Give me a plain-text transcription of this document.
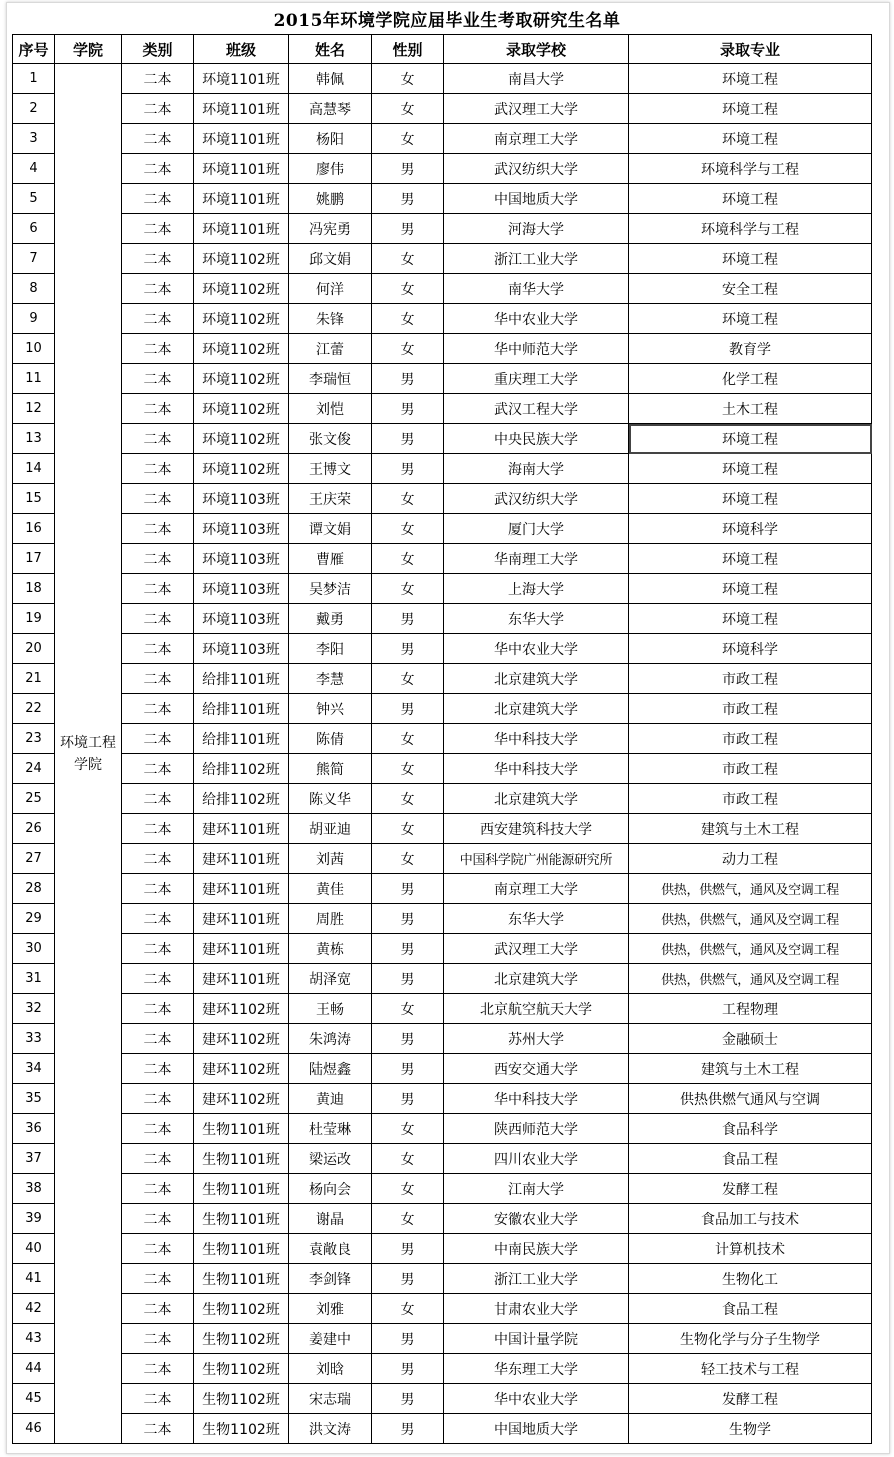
2015年环境学院应届毕业生考取研究生名单
序号	学院	类别	班级	姓名	性别	录取学校	录取专业
1	环境工程学院	二本	环境1101班	韩佩	女	南昌大学	环境工程
2		二本	环境1101班	高慧琴	女	武汉理工大学	环境工程
3		二本	环境1101班	杨阳	女	南京理工大学	环境工程
4		二本	环境1101班	廖伟	男	武汉纺织大学	环境科学与工程
5		二本	环境1101班	姚鹏	男	中国地质大学	环境工程
6		二本	环境1101班	冯宪勇	男	河海大学	环境科学与工程
7		二本	环境1102班	邱文娟	女	浙江工业大学	环境工程
8		二本	环境1102班	何洋	女	南华大学	安全工程
9		二本	环境1102班	朱锋	女	华中农业大学	环境工程
10		二本	环境1102班	江蕾	女	华中师范大学	教育学
11		二本	环境1102班	李瑞恒	男	重庆理工大学	化学工程
12		二本	环境1102班	刘恺	男	武汉工程大学	土木工程
13		二本	环境1102班	张文俊	男	中央民族大学	环境工程
14		二本	环境1102班	王博文	男	海南大学	环境工程
15		二本	环境1103班	王庆荣	女	武汉纺织大学	环境工程
16		二本	环境1103班	谭文娟	女	厦门大学	环境科学
17		二本	环境1103班	曹雁	女	华南理工大学	环境工程
18		二本	环境1103班	吴梦洁	女	上海大学	环境工程
19		二本	环境1103班	戴勇	男	东华大学	环境工程
20		二本	环境1103班	李阳	男	华中农业大学	环境科学
21		二本	给排1101班	李慧	女	北京建筑大学	市政工程
22		二本	给排1101班	钟兴	男	北京建筑大学	市政工程
23		二本	给排1101班	陈倩	女	华中科技大学	市政工程
24		二本	给排1102班	熊简	女	华中科技大学	市政工程
25		二本	给排1102班	陈义华	女	北京建筑大学	市政工程
26		二本	建环1101班	胡亚迪	女	西安建筑科技大学	建筑与土木工程
27		二本	建环1101班	刘茜	女	中国科学院广州能源研究所	动力工程
28		二本	建环1101班	黄佳	男	南京理工大学	供热，供燃气，通风及空调工程
29		二本	建环1101班	周胜	男	东华大学	供热，供燃气，通风及空调工程
30		二本	建环1101班	黄栋	男	武汉理工大学	供热，供燃气，通风及空调工程
31		二本	建环1101班	胡泽宽	男	北京建筑大学	供热，供燃气，通风及空调工程
32		二本	建环1102班	王畅	女	北京航空航天大学	工程物理
33		二本	建环1102班	朱鸿涛	男	苏州大学	金融硕士
34		二本	建环1102班	陆煜鑫	男	西安交通大学	建筑与土木工程
35		二本	建环1102班	黄迪	男	华中科技大学	供热供燃气通风与空调
36		二本	生物1101班	杜莹琳	女	陕西师范大学	食品科学
37		二本	生物1101班	梁运改	女	四川农业大学	食品工程
38		二本	生物1101班	杨向会	女	江南大学	发酵工程
39		二本	生物1101班	谢晶	女	安徽农业大学	食品加工与技术
40		二本	生物1101班	袁敞良	男	中南民族大学	计算机技术
41		二本	生物1101班	李剑锋	男	浙江工业大学	生物化工
42		二本	生物1102班	刘雅	女	甘肃农业大学	食品工程
43		二本	生物1102班	姜建中	男	中国计量学院	生物化学与分子生物学
44		二本	生物1102班	刘晗	男	华东理工大学	轻工技术与工程
45		二本	生物1102班	宋志瑞	男	华中农业大学	发酵工程
46		二本	生物1102班	洪文涛	男	中国地质大学	生物学
